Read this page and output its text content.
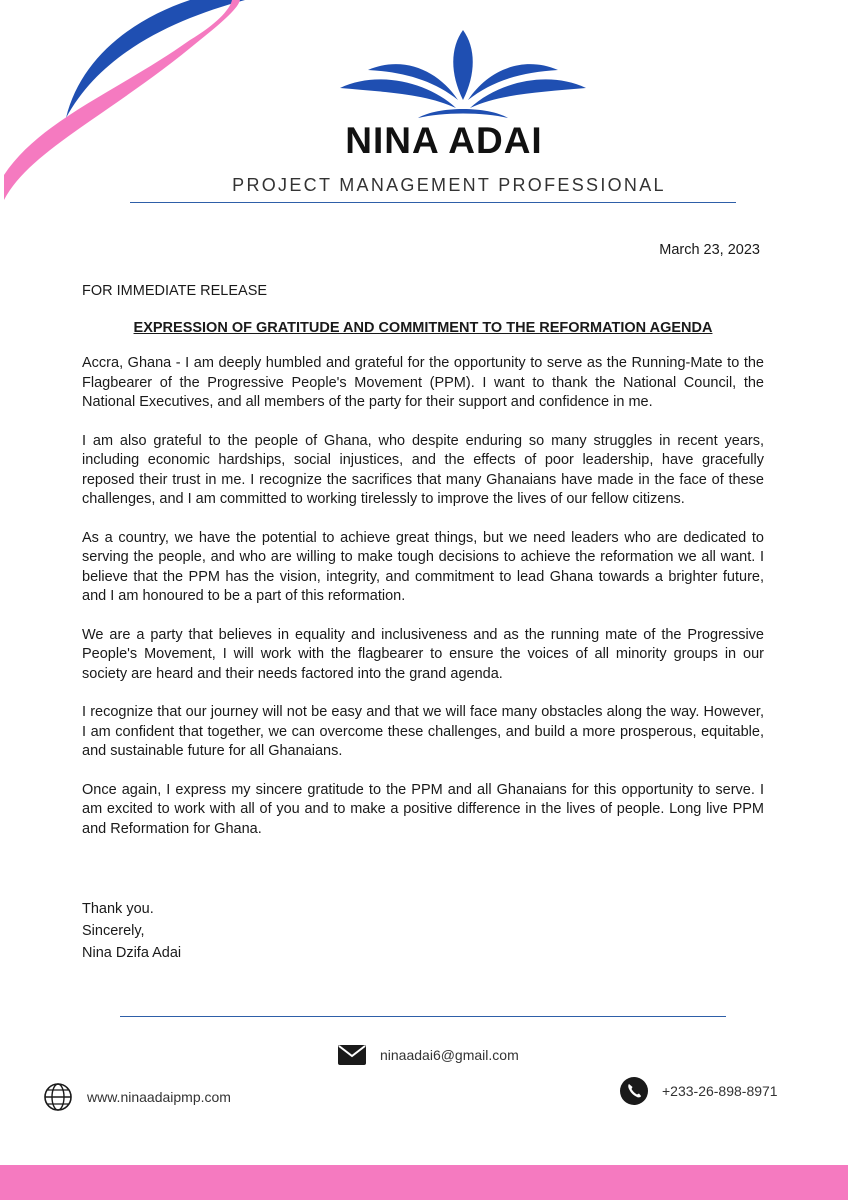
NINA ADAI
PROJECT MANAGEMENT PROFESSIONAL
March 23, 2023
FOR IMMEDIATE RELEASE
EXPRESSION OF GRATITUDE AND COMMITMENT TO THE REFORMATION AGENDA

Accra, Ghana - I am deeply humbled and grateful for the opportunity to serve as the Running-Mate to the Flagbearer of the Progressive People's Movement (PPM). I want to thank the National Council, the National Executives, and all members of the party for their support and confidence in me.

I am also grateful to the people of Ghana, who despite enduring so many struggles in recent years, including economic hardships, social injustices, and the effects of poor leadership, have gracefully reposed their trust in me. I recognize the sacrifices that many Ghanaians have made in the face of these challenges, and I am committed to working tirelessly to improve the lives of our fellow citizens.

As a country, we have the potential to achieve great things, but we need leaders who are dedicated to serving the people, and who are willing to make tough decisions to achieve the reformation we all want. I believe that the PPM has the vision, integrity, and commitment to lead Ghana towards a brighter future, and I am honoured to be a part of this reformation.

We are a party that believes in equality and inclusiveness and as the running mate of the Progressive People's Movement, I will work with the flagbearer to ensure the voices of all minority groups in our society are heard and their needs factored into the grand agenda.

I recognize that our journey will not be easy and that we will face many obstacles along the way. However, I am confident that together, we can overcome these challenges, and build a more prosperous, equitable, and sustainable future for all Ghanaians.

Once again, I express my sincere gratitude to the PPM and all Ghanaians for this opportunity to serve. I am excited to work with all of you and to make a positive difference in the lives of people. Long live PPM and Reformation for Ghana.

Thank you.
Sincerely,
Nina Dzifa Adai
ninaadai6@gmail.com
www.ninaadaipmp.com	+233-26-898-8971
